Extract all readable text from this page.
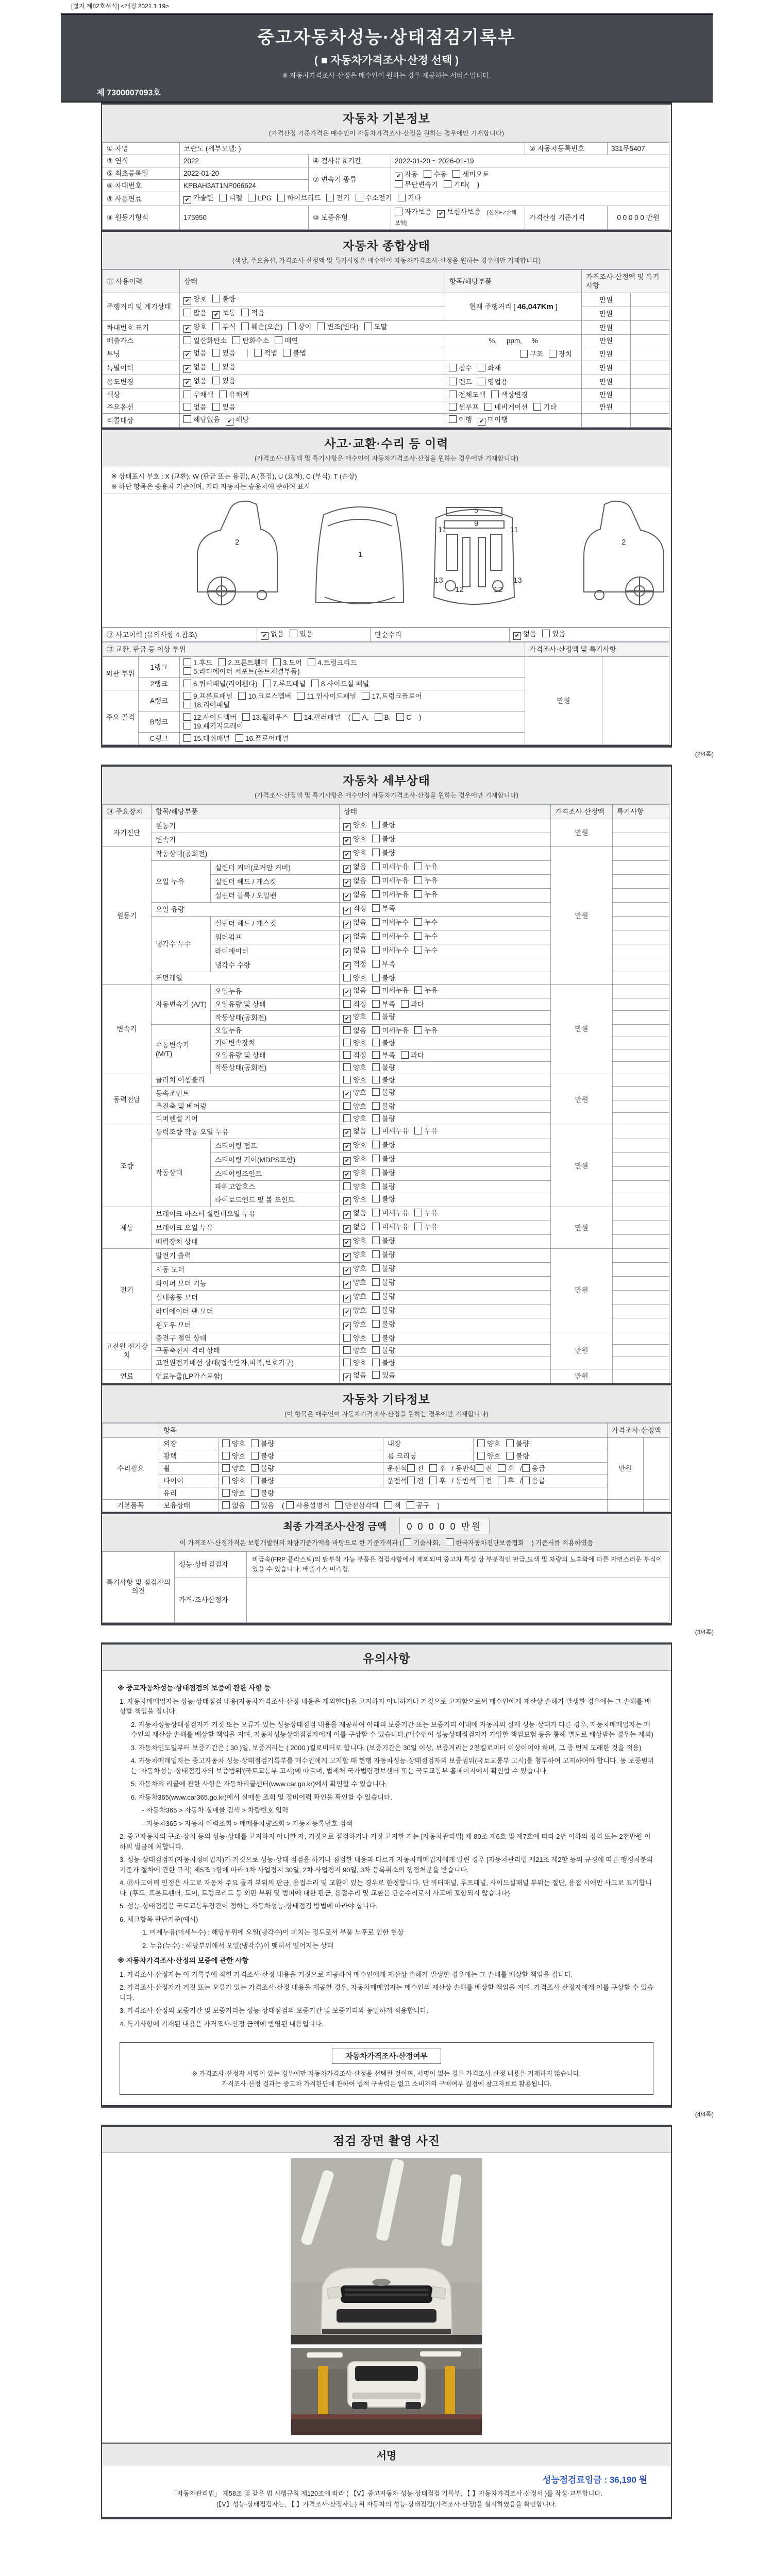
[별지 제82호서식] <개정 2021.1.19>
중고자동차성능·상태점검기록부
( ■ 자동차가격조사·산정 선택 )
※ 자동차가격조사·산정은 매수인이 원하는 경우 제공하는 서비스입니다.
제 7300007093호
자동차 기본정보
(가격산정 기준가격은 매수인이 자동차가격조사·산정을 원하는 경우에만 기재합니다)
① 차명	코란도 (세부모델: )			② 자동차등록번호	331무5407
③ 연식	2022	④ 검사유효기간	2022-01-20 ~ 2026-01-19		
⑤ 최초등록일	2022-01-20	⑦ 변속기 종류	✔ 자동 수동 세미오토
무단변속기 기타(    )		
⑥ 차대번호	KPBAH3AT1NP066624				
⑧ 사용연료	✔ 가솔린 디젤 LPG 하이브리드 전기 수소전기 기타				
⑨ 원동기형식	175950	⑩ 보증유형	자가보증 ✔ 보험사보증 [신한EZ손해보험]	가격산정 기준가격	0 0 0 0 0 만원
자동차 종합상태
(색상, 주요옵션, 가격조사·산정액 및 특기사항은 매수인이 자동차가격조사·산정을 원하는 경우에만 기재합니다)
⑪ 사용이력	상태	항목/해당부품	가격조사·산정액 및 특기사항	
주행거리 및 계기상태	✔ 양호 불량	현재 주행거리 [ 46,047Km ]	만원	
	많음 ✔ 보통 적음		만원	
차대번호 표기	✔ 양호 부식 훼손(오손) 상이 변조(변타) 도말		만원	
배출가스	일산화탄소 탄화수소 매연	%,     ppm,     %	만원	
튜닝	✔ 없음 있음 적법 불법	구조 장치	만원	
특별이력	✔ 없음 있음	침수 화재	만원	
용도변경	✔ 없음 있음	렌트 영업용	만원	
색상	무채색 유채색	전체도색 색상변경	만원	
주요옵션	없음 있음	썬루프 네비게이션 기타	만원	
리콜대상	해당없음 ✔ 해당	이행 ✔ 미이행		
사고·교환·수리 등 이력
(가격조사·산정액 및 특기사항은 매수인이 자동차가격조사·산정을 원하는 경우에만 기재합니다)
※ 상태표시 부호 : X (교환), W (판금 또는 용접), A (흠집), U (요철), C (부식), T (손상)
※ 하단 항목은 승용차 기준이며, 기타 자동차는 승용차에 준하여 표시
2
1
11	11
9
5
13	13
12	12
2
⑫ 사고이력 (유의사항 4.참조)	✔ 없음 있음	단순수리	✔ 없음 있음
⑬ 교환, 판금 등 이상 부위			가격조사·산정액 및 특기사항	
외판 부위	1랭크	1.후드 2.프론트휀더 3.도어 4.트렁크리드
5.라디에이터 서포트(볼트체결부품)	만원	
	2랭크	6.쿼터패널(리어휀다) 7.루프패널 8.사이드실 패널		
주요 골격	A랭크	9.프론트패널 10.크로스멤버 11.인사이드패널 17.트렁크플로어
18.리어패널		
	B랭크	12.사이드멤버 13.휠하우스 14.필러패널 ( A, B, C )
19.패키지트레이		
	C랭크	15.대쉬패널 16.플로어패널		
(2/4쪽)
자동차 세부상태
(가격조사·산정액 및 특기사항은 매수인이 자동차가격조사·산정을 원하는 경우에만 기재합니다)
⑭ 주요장치	항목/해당부품		상태	가격조사·산정액	특기사항
자기진단	원동기		✔ 양호 불량	만원	
	변속기		✔ 양호 불량		
원동기	작동상태(공회전)		✔ 양호 불량	만원	
	오일 누유	실린더 커버(로커암 커버)	✔ 없음 미세누유 누유		
		실린더 헤드 / 개스킷	✔ 없음 미세누유 누유		
		실린더 블록 / 오일팬	✔ 없음 미세누유 누유		
	오일 유량		✔ 적정 부족		
	냉각수 누수	실린더 헤드 / 개스킷	✔ 없음 미세누수 누수		
		워터펌프	✔ 없음 미세누수 누수		
		라디에이터	✔ 없음 미세누수 누수		
		냉각수 수량	✔ 적정 부족		
	커먼레일		양호 불량		
변속기	자동변속기 (A/T)	오일누유	✔ 없음 미세누유 누유	만원	
		오일유량 및 상태	적정 부족 과다		
		작동상태(공회전)	✔ 양호 불량		
	수동변속기 (M/T)	오일누유	없음 미세누유 누유		
		기어변속장치	양호 불량		
		오일유량 및 상태	적정 부족 과다		
		작동상태(공회전)	양호 불량		
동력전달	클러치 어셈블리		양호 불량	만원	
	등속조인트		✔ 양호 불량		
	추진축 및 베어링		양호 불량		
	디퍼렌셜 기어		양호 불량		
조향	동력조향 작동 오일 누유		✔ 없음 미세누유 누유	만원	
	작동상태	스티어링 펌프	✔ 양호 불량		
		스티어링 기어(MDPS포함)	✔ 양호 불량		
		스티어링조인트	✔ 양호 불량		
		파워고압호스	양호 불량		
		타이로드엔드 및 볼 조인트	✔ 양호 불량		
제동	브레이크 마스터 실린더오일 누유		✔ 없음 미세누유 누유	만원	
	브레이크 오일 누유		✔ 없음 미세누유 누유		
	배력장치 상태		✔ 양호 불량		
전기	발전기 출력		✔ 양호 불량	만원	
	시동 모터		✔ 양호 불량		
	와이퍼 모터 기능		✔ 양호 불량		
	실내송풍 모터		✔ 양호 불량		
	라디에이터 팬 모터		✔ 양호 불량		
	윈도우 모터		✔ 양호 불량		
고전원 전기장치	충전구 절연 상태		양호 불량	만원	
	구동축전지 격리 상태		양호 불량		
	고전원전기배선 상태(접속단자,피복,보호기구)		양호 불량		
연료	연료누출(LP가스포함)		✔ 없음 있음	만원	
자동차 기타정보
(이 항목은 매수인이 자동차가격조사·산정을 원하는 경우에만 기재합니다)
	항목				가격조사·산정액	
수리필요	외장	양호 불량	내장	양호 불량	만원	
	광택	양호 불량	룸 크리닝	양호 불량		
	휠	양호 불량	운전석 전 후 / 동반석 전 후 / 응급			
	타이어	양호 불량	운전석 전 후 / 동반석 전 후 / 응급			
	유리	양호 불량				
기본품목	보유상태	없음 있음 ( 사용설명서 안전삼각대 잭 공구 )				
최종 가격조사·산정 금액 0 0 0 0 0 만원
이 가격조사·산정가격은 보험개발원의 차량기준가액을 바탕으로 한 기준가격과 ( 기술사회, 한국자동차진단보증협회 ) 기준서를 적용하였음
특기사항 및 점검자의 의견	성능·상태점검자	비금속(FRP 플라스틱)의 탈부착 가능 부품은 점검사항에서 제외되며 중고차 특성 상 부분적인 판금,도색 및 차량의 노후화에 따른 자연스러운 부식이 있을 수 있습니다. 배출가스 미측정.
	가격·조사산정자	
(3/4쪽)
유의사항
※ 중고자동차성능·상태점검의 보증에 관한 사항 등
1. 자동차매매업자는 성능·상태점검 내용(자동차가격조사·산정 내용은 제외한다)을 고지하지 아니하거나 거짓으로 고지함으로써 매수인에게 재산상 손해가 발생한 경우에는 그 손해를 배상할 책임을 집니다.
2. 자동차성능상태점검자가 거짓 또는 오류가 있는 성능상태점검 내용을 제공하여 아래의 보증기간 또는 보증거리 이내에 자동차의 실제 성능·상태가 다른 경우, 자동차매매업자는 매수인의 재산상 손해를 배상할 책임을 지며, 자동차성능상태점검자에게 이를 구상할 수 있습니다.(매수인이 성능상태점검자가 가입한 책임보험 등을 통해 별도로 배상받는 경우는 제외)
3. 자동차인도일부터 보증기간은 ( 30 )일, 보증거리는 ( 2000 )킬로미터로 합니다. (보증기간은 30일 이상, 보증거리는 2천킬로미터 이상이어야 하며, 그 중 먼저 도래한 것을 적용)
4. 자동차매매업자는 중고자동차 성능·상태점검기록부를 매수인에게 고지할 때 현행 자동차성능·상태점검자의 보증범위(국토교통부 고시)를 첨부하여 고지하여야 합니다. 동 보증범위는 '자동차성능·상태점검자의 보증범위'(국토교통부 고시)에 따르며, 법제처 국가법령정보센터 또는 국토교통부 홈페이지에서 확인할 수 있습니다.
5. 자동차의 리콜에 관한 사항은 자동차리콜센터(www.car.go.kr)에서 확인할 수 있습니다.
6. 자동차365(www.car365.go.kr)에서 실매물 조회 및 정비이력 확인을 확인할 수 있습니다.
- 자동차365 > 자동차 실매물 검색 > 차량번호 입력
- 자동차365 > 자동차 이력조회 > 매매용차량조회 > 자동차등록번호 검색
2. 중고자동차의 구조·장치 등의 성능·상태를 고지하지 아니한 자, 거짓으로 점검하거나 거짓 고지한 자는 [자동차관리법] 제 80조 제6호 및 제7호에 따라 2년 이하의 징역 또는 2천만원 이하의 벌금에 처합니다.
3. 성능·상태점검자(자동차정비업자)가 거짓으로 성능·상태 점검을 하거나 점검한 내용과 다르게 자동차매매업자에게 알린 경우 [자동차관리법 제21조 제2항 등의 규정에 따른 행정처분의 기준과 절차에 관한 규칙] 제5조 1항에 따라 1차 사업정지 30일, 2차 사업정지 90일, 3차 등록취소의 행정처분을 받습니다.
4. ⑫사고이력 인정은 사고로 자동차 주요 골격 부위의 판금, 용접수리 및 교환이 있는 경우로 한정합니다. 단 쿼터패널, 루프패널, 사이드실패널 부위는 절단, 용접 시에만 사고로 표기합니다. (후드, 프론트펜더, 도어, 트렁크리드 등 외판 부위 및 범퍼에 대한 판금, 용접수리 및 교환은 단순수리로서 사고에 포함되지 않습니다)
5. 성능·상태점검은 국토교통부장관이 정하는 자동차성능·상태점검 방법에 따라야 합니다.
6. 체크항목 판단기준(예시)
1. 미세누유(미세누수) : 해당부위에 오일(냉각수)이 비치는 정도로서 부품 노후로 인한 현상
2. 누유(누수) : 해당부위에서 오일(냉각수)이 맺혀서 떨어지는 상태
※ 자동차가격조사·산정의 보증에 관한 사항
1. 가격조사·산정자는 이 기록부에 적힌 가격조사·산정 내용을 거짓으로 제공하여 매수인에게 재산상 손해가 발생한 경우에는 그 손해를 배상할 책임을 집니다.
2. 가격조사·산정자가 거짓 또는 오류가 있는 가격조사·산정 내용을 제공한 경우, 자동차매매업자는 매수인의 재산상 손해를 배상할 책임을 지며, 가격조사·산정자에게 이를 구상할 수 있습니다.
3. 가격조사·산정의 보증기간 및 보증거리는 성능·상태점검의 보증기간 및 보증거리와 동일하게 적용합니다.
4. 특기사항에 기재된 내용은 가격조사·산정 금액에 반영된 내용입니다.
자동차가격조사·산정여부
※ 가격조사·산정자 서명이 있는 경우에만 자동차가격조사·산정을 선택한 것이며, 서명이 없는 경우 가격조사·산정 내용은 기재하지 않습니다.
가격조사·산정 결과는 중고차 가격판단에 관하여 법적 구속력은 없고 소비자의 구매여부 결정에 참고자료로 활용됩니다.
(4/4쪽)
점검 장면 촬영 사진
서명
성능점검료임금 : 36,190 원
「자동차관리법」 제58조 및 같은 법 시행규칙 제120조에 따라 ( 【V】중고자동차 성능·상태점검 기록부, 【 】자동차가격조사·산정서 )를 작성·교부합니다.
(【V】성능·상태점검자는, 【 】가격조사·산정자는) 위 자동차의 성능·상태점검(가격조사·산정)을 실시하였음을 확인합니다.
